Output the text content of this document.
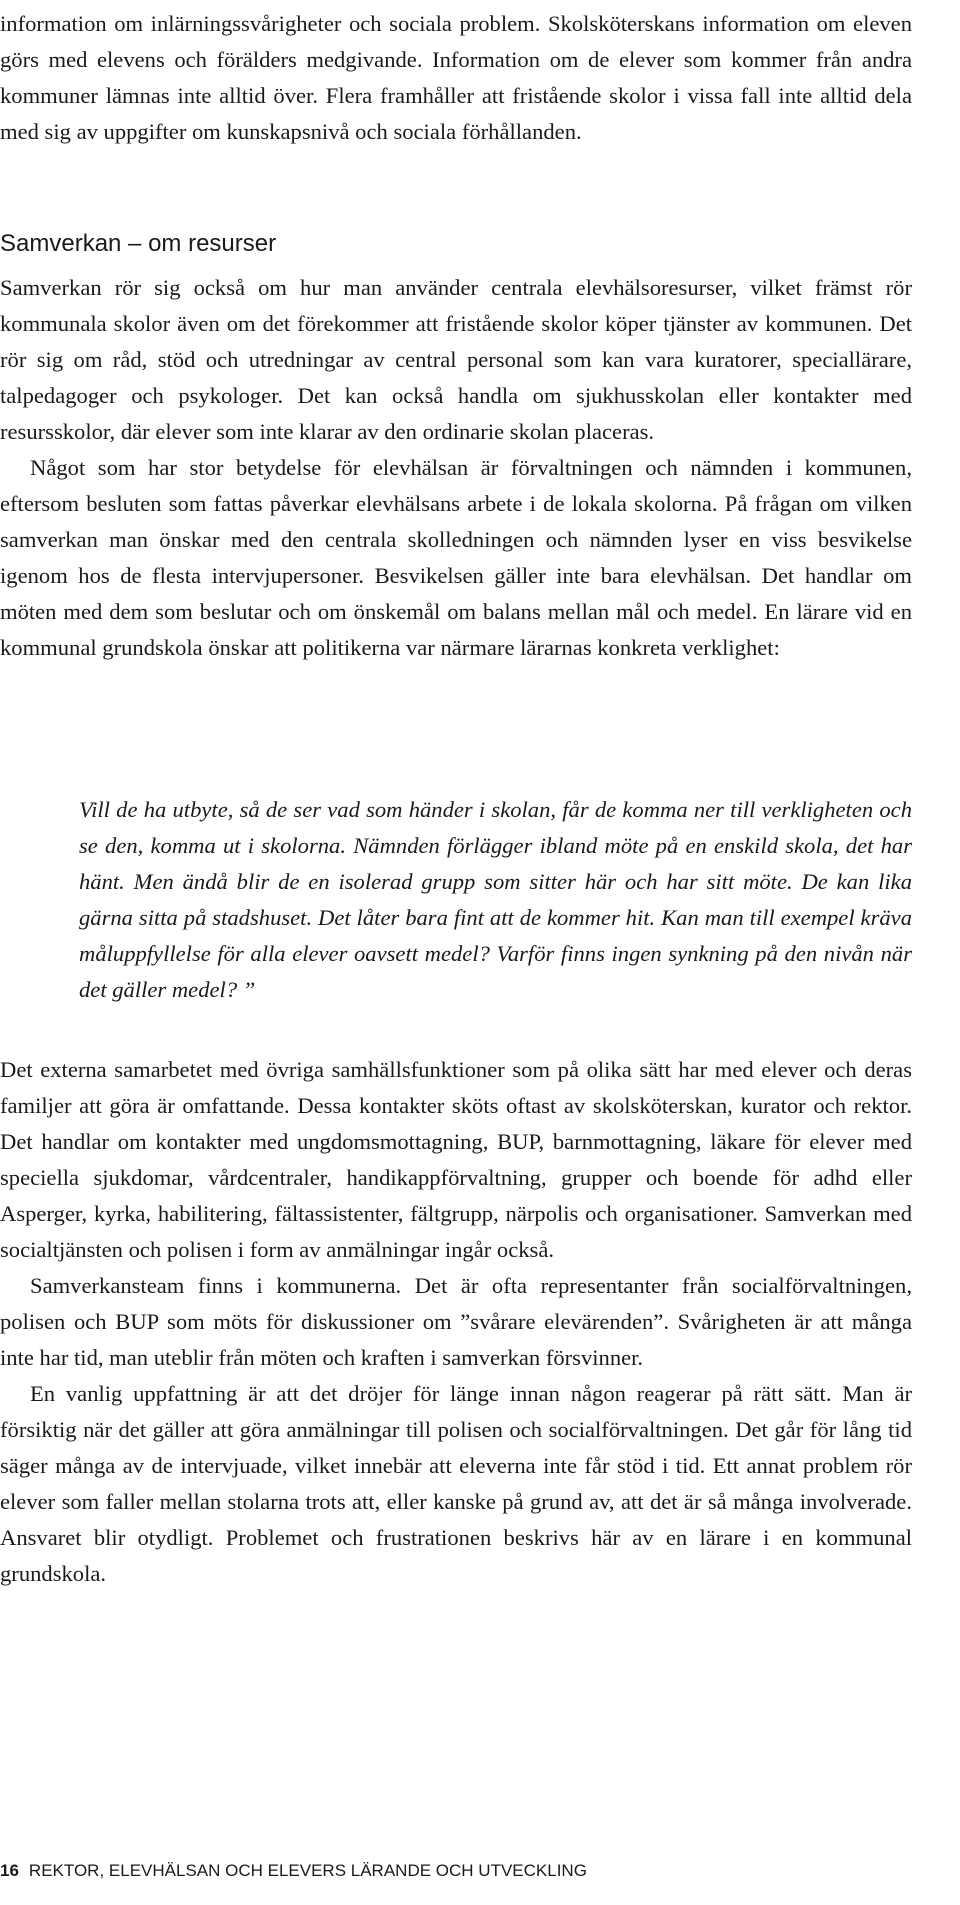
information om inlärningssvårigheter och sociala problem. Skolsköterskans information om eleven görs med elevens och förälders medgivande. Information om de elever som kommer från andra kommuner lämnas inte alltid över. Flera framhåller att fristående skolor i vissa fall inte alltid dela med sig av uppgifter om kunskapsnivå och sociala förhållanden.

Samverkan – om resurser

Samverkan rör sig också om hur man använder centrala elevhälsoresurser, vilket främst rör kommunala skolor även om det förekommer att fristående skolor köper tjänster av kommunen. Det rör sig om råd, stöd och utredningar av central personal som kan vara kuratorer, speciallärare, talpedagoger och psykologer. Det kan också handla om sjukhusskolan eller kontakter med resursskolor, där elever som inte klarar av den ordinarie skolan placeras.

Något som har stor betydelse för elevhälsan är förvaltningen och nämnden i kommunen, eftersom besluten som fattas påverkar elevhälsans arbete i de lokala skolorna. På frågan om vilken samverkan man önskar med den centrala skolledningen och nämnden lyser en viss besvikelse igenom hos de flesta intervjupersoner. Besvikelsen gäller inte bara elevhälsan. Det handlar om möten med dem som beslutar och om önskemål om balans mellan mål och medel. En lärare vid en kommunal grundskola önskar att politikerna var närmare lärarnas konkreta verklighet:

Vill de ha utbyte, så de ser vad som händer i skolan, får de komma ner till verkligheten och se den, komma ut i skolorna. Nämnden förlägger ibland möte på en enskild skola, det har hänt. Men ändå blir de en isolerad grupp som sitter här och har sitt möte. De kan lika gärna sitta på stadshuset. Det låter bara fint att de kommer hit. Kan man till exempel kräva måluppfyllelse för alla elever oavsett medel? Varför finns ingen synkning på den nivån när det gäller medel? ”

Det externa samarbetet med övriga samhällsfunktioner som på olika sätt har med elever och deras familjer att göra är omfattande. Dessa kontakter sköts oftast av skolsköterskan, kurator och rektor. Det handlar om kontakter med ungdomsmottagning, BUP, barnmottagning, läkare för elever med speciella sjukdomar, vårdcentraler, handikappförvaltning, grupper och boende för adhd eller Asperger, kyrka, habilitering, fältassistenter, fältgrupp, närpolis och organisationer. Samverkan med socialtjänsten och polisen i form av anmälningar ingår också.

Samverkansteam finns i kommunerna. Det är ofta representanter från socialförvaltningen, polisen och BUP som möts för diskussioner om ”svårare elevärenden”. Svårigheten är att många inte har tid, man uteblir från möten och kraften i samverkan försvinner.

En vanlig uppfattning är att det dröjer för länge innan någon reagerar på rätt sätt. Man är försiktig när det gäller att göra anmälningar till polisen och socialförvaltningen. Det går för lång tid säger många av de intervjuade, vilket innebär att eleverna inte får stöd i tid. Ett annat problem rör elever som faller mellan stolarna trots att, eller kanske på grund av, att det är så många involverade. Ansvaret blir otydligt. Problemet och frustrationen beskrivs här av en lärare i en kommunal grundskola.

16 REKTOR, ELEVHÄLSAN OCH ELEVERS LÄRANDE OCH UTVECKLING
